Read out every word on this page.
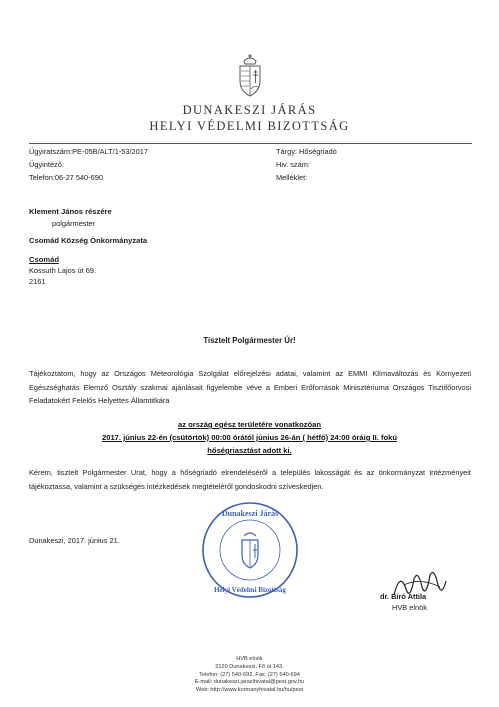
DUNAKESZI JÁRÁS
HELYI VÉDELMI BIZOTTSÁG
Ügyiratszám:PE-05B/ALT/1-53/2017
Ügyintéző:
Telefon:06-27 540-690
Tárgy: Hőségriadó
Hiv. szám:
Melléklet:
Klement János részére
polgármester
Csomád Község Önkormányzata
Csomád
Kossuth Lajos út 69.
2161
Tisztelt Polgármester Úr!
Tájékoztatom, hogy az Országos Meteorológia Szolgálat előrejelzési adatai, valamint az EMMI Klímaváltozás és Környezeti Egészséghatás Elemző Osztály szakmai ajánlásait figyelembe véve a Emberi Erőforrások Minisztériuma Országos Tisztifőorvosi Feladatokért Felelős Helyettes Államtitkára
az ország egész területére vonatkozóan
2017. június 22-én (csütörtök) 00:00 órától június 26-án ( hétfő) 24:00 óráig II. fokú
hőségriasztást adott ki.
Kérem, tisztelt Polgármester Urat, hogy a hőségriadó elrendeléséről a település lakosságát és az önkormányzat intézményeit tájékoztassa, valamint a szükséges intézkedések megtételéről gondoskodni szíveskedjen.
Dunakeszi, 2017. június 21.
Dunakeszi Járás
Helyi Védelmi Bizottság
dr. Bíró Attila
HVB elnök
HVB elnök
2120 Dunakeszi, Fő út 143.
Telefon: (27) 540-692, Fax: (27) 540-694
E-mail: dunakeszi.jarasihivatal@pest.gov.hu
Web: http://www.kormanyhivatal.hu/hu/pest
